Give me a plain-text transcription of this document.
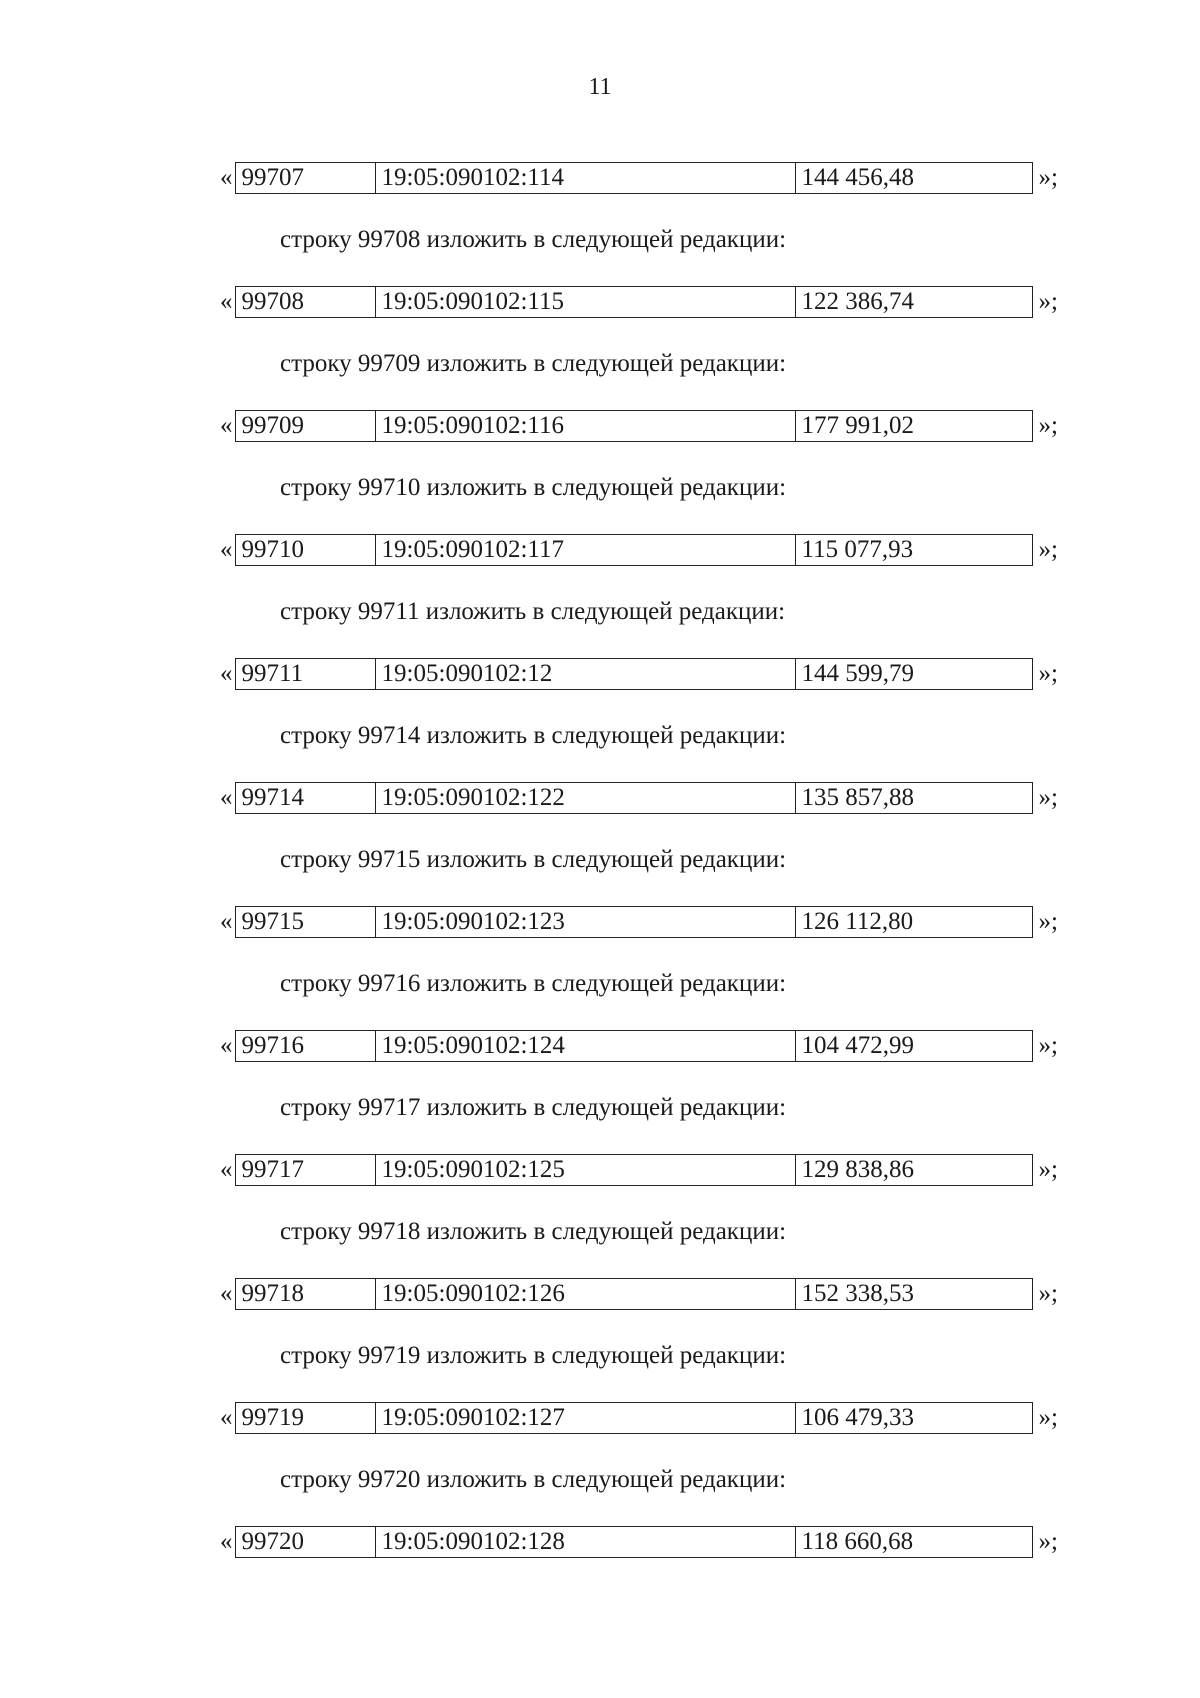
11
« 99707	19:05:090102:114	144 456,48	»;
строку 99708 изложить в следующей редакции:
« 99708	19:05:090102:115	122 386,74	»;
строку 99709 изложить в следующей редакции:
« 99709	19:05:090102:116	177 991,02	»;
строку 99710 изложить в следующей редакции:
« 99710	19:05:090102:117	115 077,93	»;
строку 99711 изложить в следующей редакции:
« 99711	19:05:090102:12	144 599,79	»;
строку 99714 изложить в следующей редакции:
« 99714	19:05:090102:122	135 857,88	»;
строку 99715 изложить в следующей редакции:
« 99715	19:05:090102:123	126 112,80	»;
строку 99716 изложить в следующей редакции:
« 99716	19:05:090102:124	104 472,99	»;
строку 99717 изложить в следующей редакции:
« 99717	19:05:090102:125	129 838,86	»;
строку 99718 изложить в следующей редакции:
« 99718	19:05:090102:126	152 338,53	»;
строку 99719 изложить в следующей редакции:
« 99719	19:05:090102:127	106 479,33	»;
строку 99720 изложить в следующей редакции:
« 99720	19:05:090102:128	118 660,68	»;
